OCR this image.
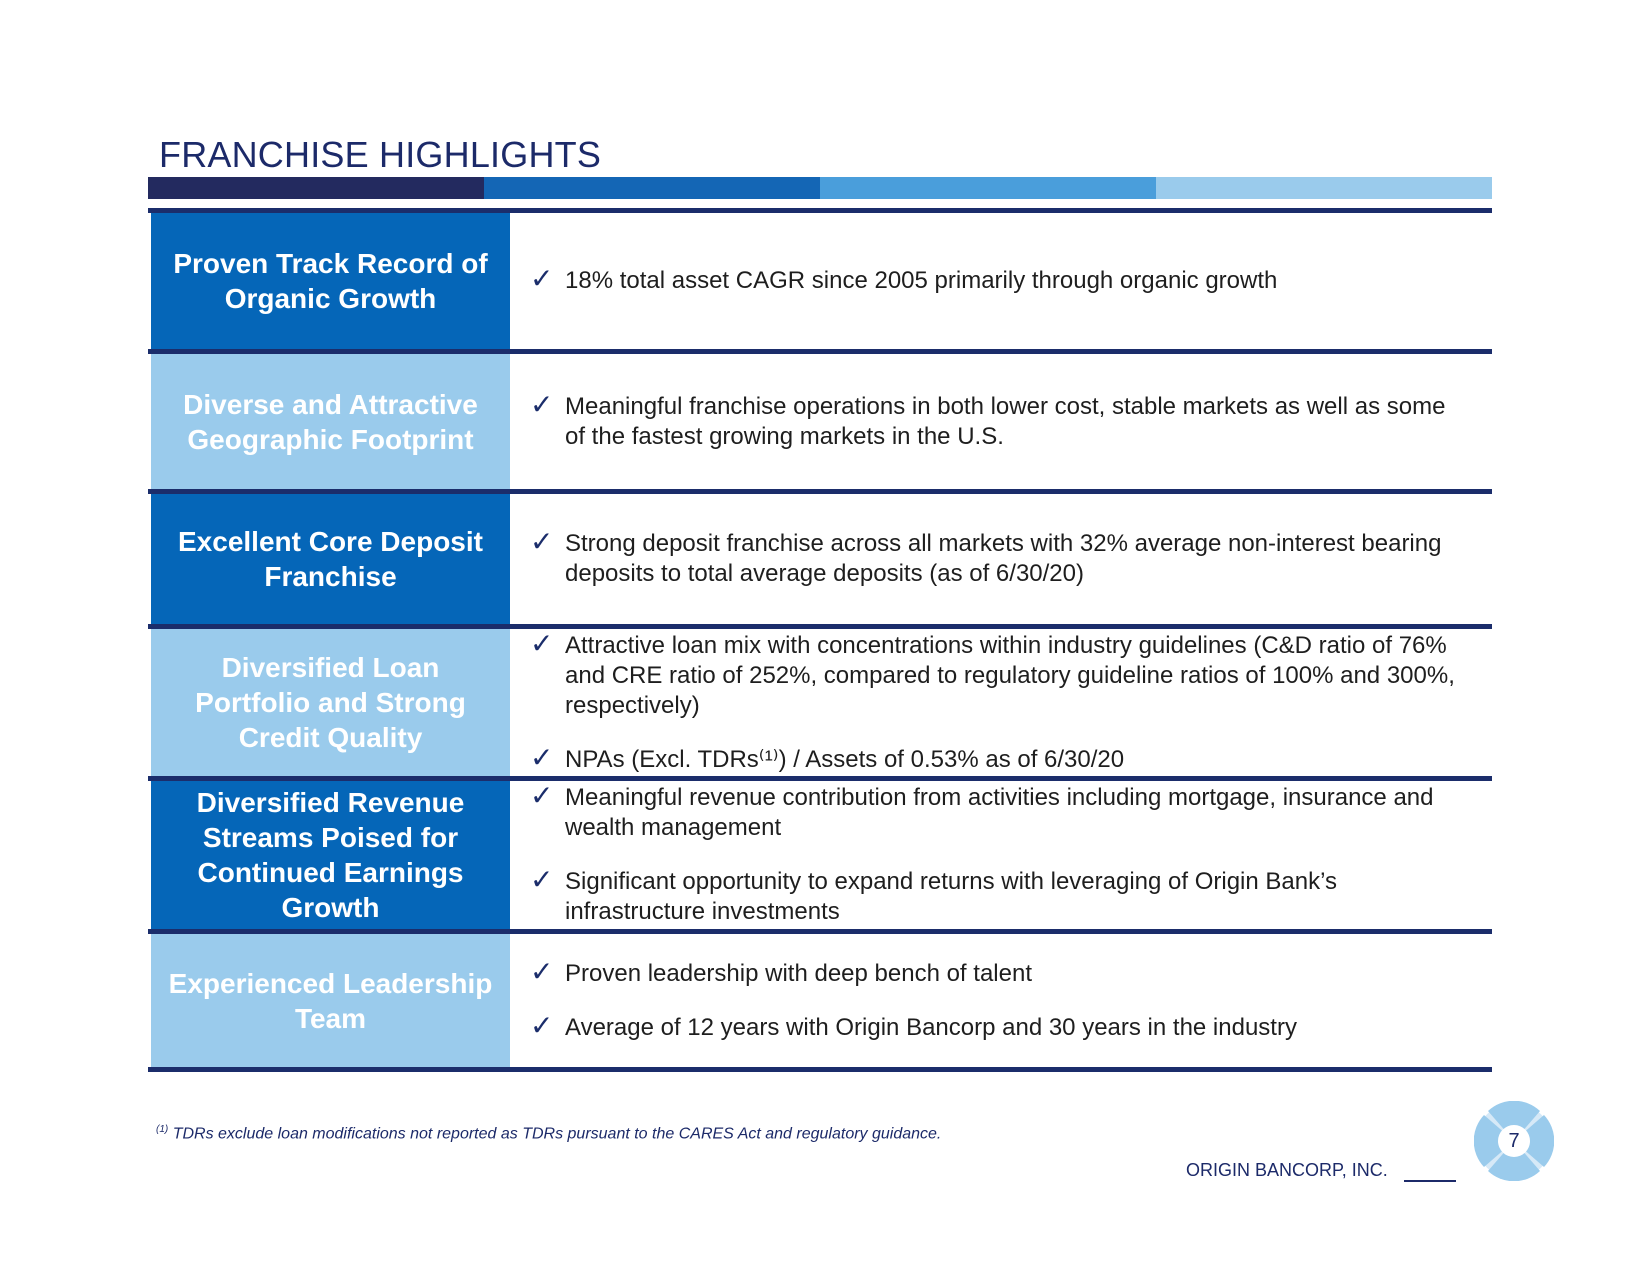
FRANCHISE HIGHLIGHTS
Proven Track Record of Organic Growth
✓ 18% total asset CAGR since 2005 primarily through organic growth
Diverse and Attractive Geographic Footprint
✓ Meaningful franchise operations in both lower cost, stable markets as well as some of the fastest growing markets in the U.S.
Excellent Core Deposit Franchise
✓ Strong deposit franchise across all markets with 32% average non-interest bearing deposits to total average deposits (as of 6/30/20)
Diversified Loan Portfolio and Strong Credit Quality
✓ Attractive loan mix with concentrations within industry guidelines (C&D ratio of 76% and CRE ratio of 252%, compared to regulatory guideline ratios of 100% and 300%, respectively)
✓ NPAs (Excl. TDRs⁽¹⁾) / Assets of 0.53% as of 6/30/20
Diversified Revenue Streams Poised for Continued Earnings Growth
✓ Meaningful revenue contribution from activities including mortgage, insurance and wealth management
✓ Significant opportunity to expand returns with leveraging of Origin Bank’s infrastructure investments
Experienced Leadership Team
✓ Proven leadership with deep bench of talent
✓ Average of 12 years with Origin Bancorp and 30 years in the industry
$^{(1)}$ TDRs exclude loan modifications not reported as TDRs pursuant to the CARES Act and regulatory guidance.
ORIGIN BANCORP, INC.
7
